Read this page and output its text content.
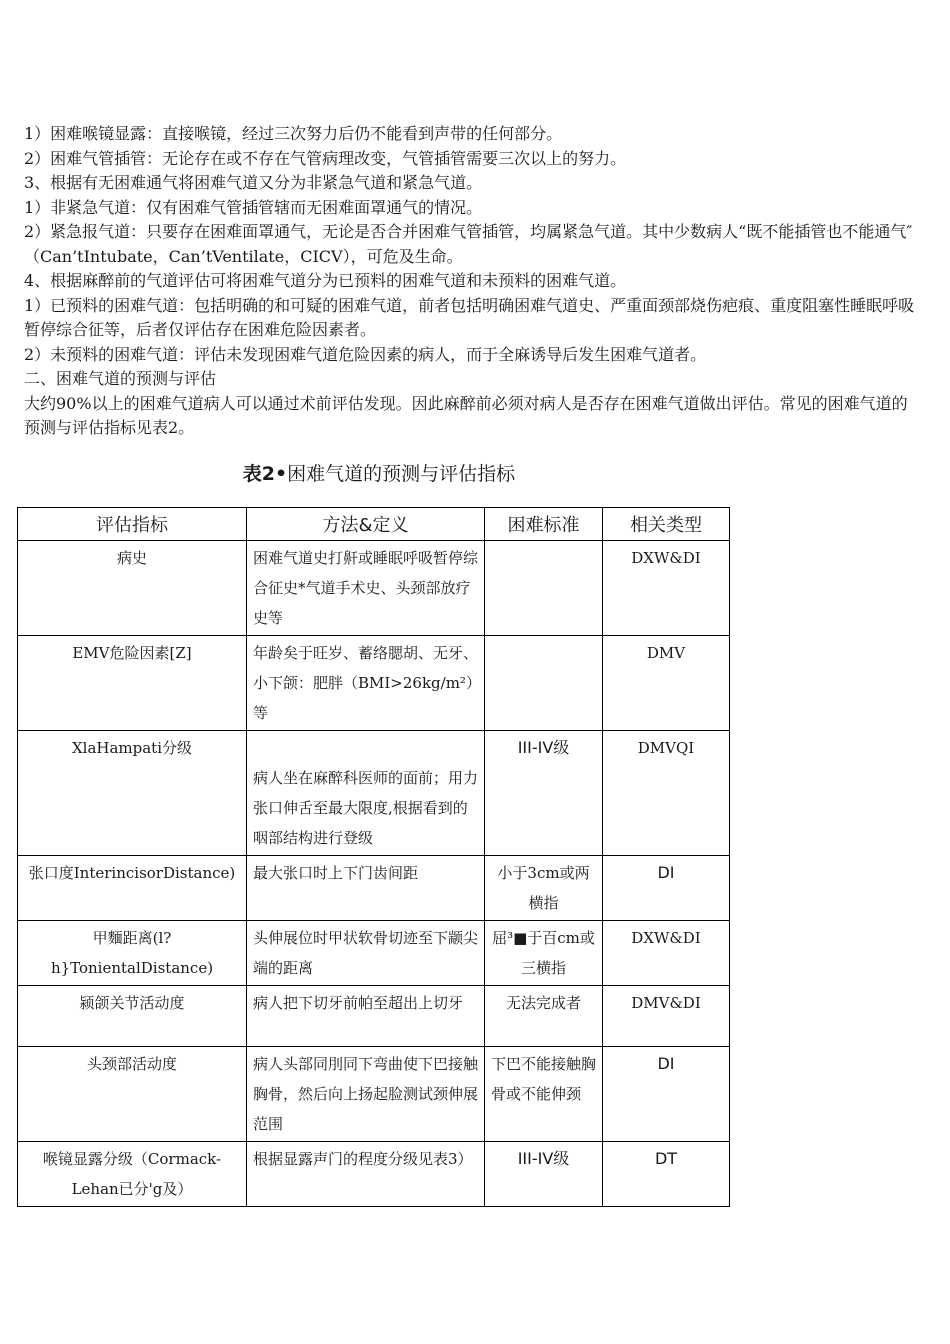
1）困难喉镜显露：直接喉镜，经过三次努力后仍不能看到声带的任何部分。

2）困难气管插管：无论存在或不存在气管病理改变，气管插管需要三次以上的努力。

3、根据有无困难通气将困难气道又分为非紧急气道和紧急气道。

1）非紧急气道：仅有困难气管插管辖而无困难面罩通气的情况。

2）紧急报气道：只要存在困难面罩通气，无论是否合并困难气管插管，均属紧急气道。其中少数病人“既不能插管也不能通气″（Can’tIntubate，Can’tVentilate，CICV），可危及生命。

4、根据麻醉前的气道评估可将困难气道分为已预料的困难气道和未预料的困难气道。

1）已预料的困难气道：包括明确的和可疑的困难气道，前者包括明确困难气道史、严重面颈部烧伤疤痕、重度阻塞性睡眠呼吸暂停综合征等，后者仅评估存在困难危险因素者。

2）未预料的困难气道：评估未发现困难气道危险因素的病人，而于全麻诱导后发生困难气道者。

二、困难气道的预测与评估

大约90%以上的困难气道病人可以通过术前评估发现。因此麻醉前必须对病人是否存在困难气道做出评估。常见的困难气道的预测与评估指标见表2。

表2•困难气道的预测与评估指标

评估指标	方法&定义	困难标准	相关类型
病史	困难气道史打鼾或睡眠呼吸暂停综合征史*气道手术史、头颈部放疗史等		DXW&DI
EMV危险因素[Z]	年龄矣于旺岁、蓄络腮胡、无牙、小下颌：肥胖（BMI>26kg/m²）等		DMV
XlaHampati分级	病人坐在麻醉科医师的面前；用力张口伸舌至最大限度,根据看到的咽部结构进行登级	III-IV级	DMVQI
张口度InterincisorDistance)	最大张口时上下门齿间距	小于3cm或两横指	DI
甲麵距离(l?h}TonientalDistance)	头伸展位时甲状软骨切迹至下颛尖端的距离	屈³■于百cm或三横指	DXW&DI
颍颌关节活动度	病人把下切牙前帕至超出上切牙	无法完成者	DMV&DI
头颈部活动度	病人头部同刖同下弯曲使下巴接触胸骨，然后向上扬起脸测试颈伸展范围	下巴不能接触胸骨或不能伸颈	DI
喉镜显露分级（Cormack-Lehan已分'g及）	根据显露声门的程度分级见表3）	III-IV级	DT
